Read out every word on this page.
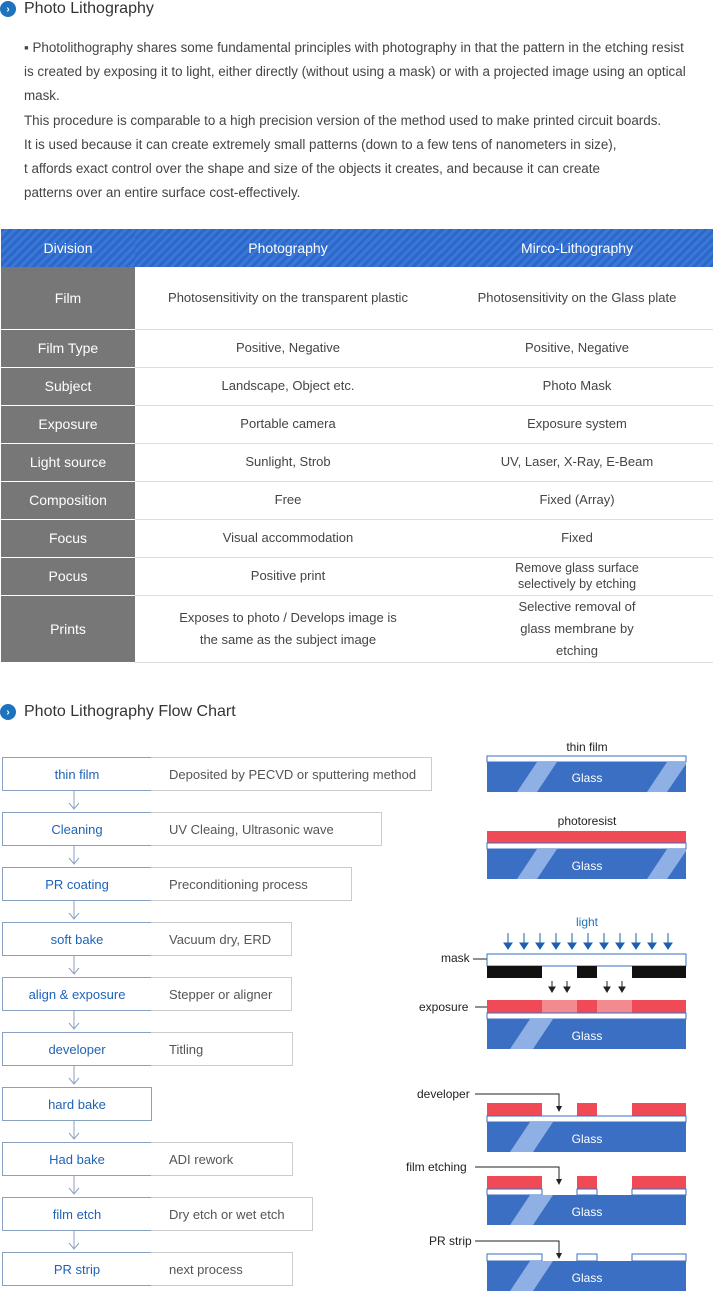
› Photo Lithography

▪ Photolithography shares some fundamental principles with photography in that the pattern in the etching resist is created by exposing it to light, either directly (without using a mask) or with a projected image using an optical mask.

This procedure is comparable to a high precision version of the method used to make printed circuit boards.

It is used because it can create extremely small patterns (down to a few tens of nanometers in size),

t affords exact control over the shape and size of the objects it creates, and because it can create

patterns over an entire surface cost-effectively.

Division	Photography	Mirco-Lithography
Film	Photosensitivity on the transparent plastic	Photosensitivity on the Glass plate
Film Type	Positive, Negative	Positive, Negative
Subject	Landscape, Object etc.	Photo Mask
Exposure	Portable camera	Exposure system
Light source	Sunlight, Strob	UV, Laser, X-Ray, E-Beam
Composition	Free	Fixed (Array)
Focus	Visual accommodation	Fixed
Pocus	Positive print	Remove glass surface selectively by etching
Prints	Exposes to photo / Develops image is the same as the subject image	Selective removal of glass membrane by etching
› Photo Lithography Flow Chart
thin film	Deposited by PECVD or sputtering method
Cleaning	UV Cleaing, Ultrasonic wave
PR coating	Preconditioning process
soft bake	Vacuum dry, ERD
align & exposure	Stepper or aligner
developer	Titling
hard bake
Had bake	ADI rework
film etch	Dry etch or wet etch
PR strip	next process
thin film
Glass
photoresist
Glass
light
mask
exposure
Glass
developer
Glass
film etching
Glass
PR strip
Glass
